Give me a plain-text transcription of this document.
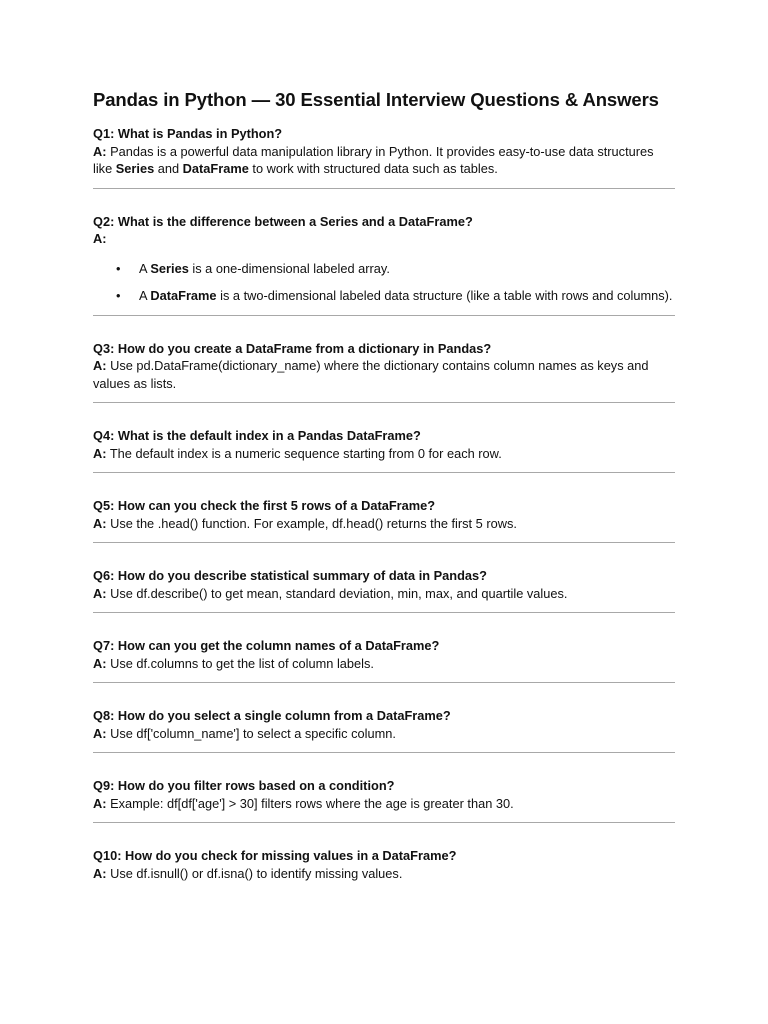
Pandas in Python — 30 Essential Interview Questions & Answers

Q1: What is Pandas in Python?

A: Pandas is a powerful data manipulation library in Python. It provides easy-to-use data structures like Series and DataFrame to work with structured data such as tables.

Q2: What is the difference between a Series and a DataFrame?

A:

• A Series is a one-dimensional labeled array.
• A DataFrame is a two-dimensional labeled data structure (like a table with rows and columns).

Q3: How do you create a DataFrame from a dictionary in Pandas?

A: Use pd.DataFrame(dictionary_name) where the dictionary contains column names as keys and values as lists.

Q4: What is the default index in a Pandas DataFrame?

A: The default index is a numeric sequence starting from 0 for each row.

Q5: How can you check the first 5 rows of a DataFrame?

A: Use the .head() function. For example, df.head() returns the first 5 rows.

Q6: How do you describe statistical summary of data in Pandas?

A: Use df.describe() to get mean, standard deviation, min, max, and quartile values.

Q7: How can you get the column names of a DataFrame?

A: Use df.columns to get the list of column labels.

Q8: How do you select a single column from a DataFrame?

A: Use df['column_name'] to select a specific column.

Q9: How do you filter rows based on a condition?

A: Example: df[df['age'] > 30] filters rows where the age is greater than 30.

Q10: How do you check for missing values in a DataFrame?

A: Use df.isnull() or df.isna() to identify missing values.
